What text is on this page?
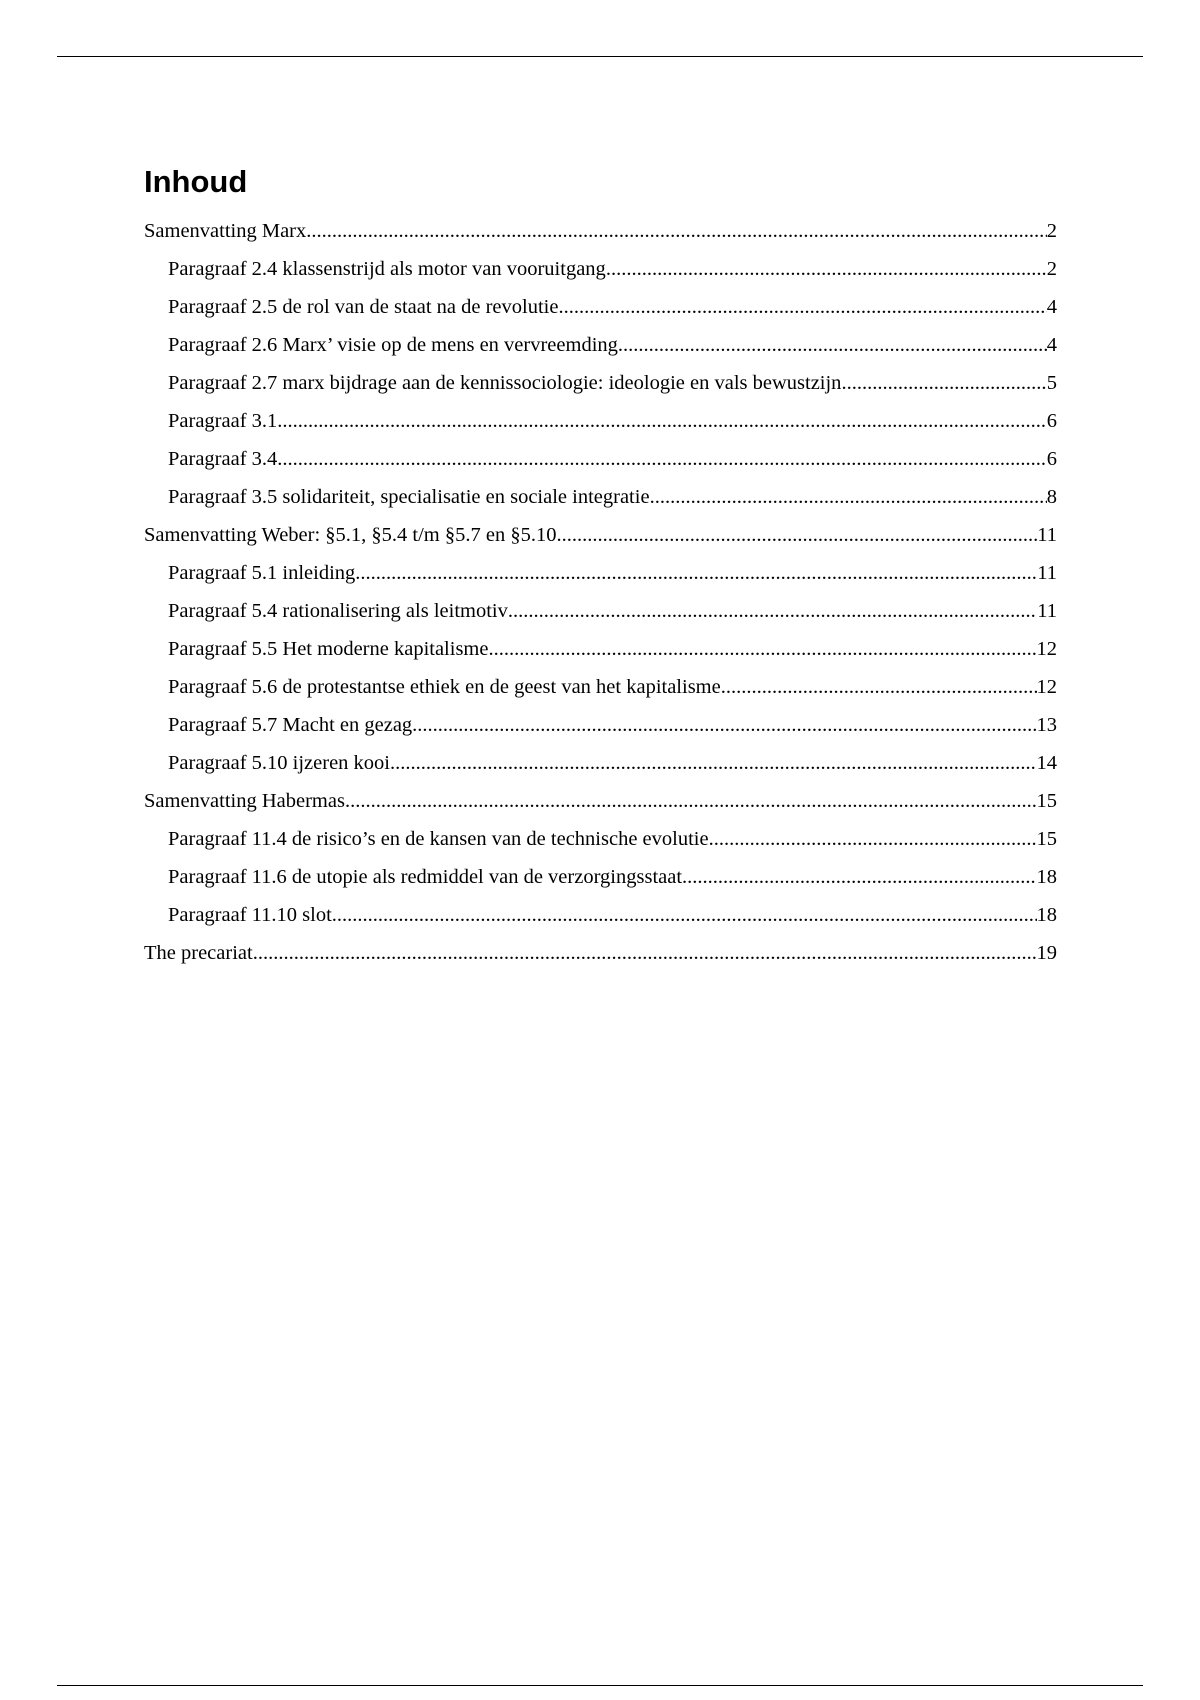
Inhoud
Samenvatting Marx .....	2
Paragraaf 2.4 klassenstrijd als motor van vooruitgang .....	2
Paragraaf 2.5 de rol van de staat na de revolutie .....	4
Paragraaf 2.6 Marx’ visie op de mens en vervreemding .....	4
Paragraaf 2.7 marx bijdrage aan de kennissociologie: ideologie en vals bewustzijn .....	5
Paragraaf 3.1 .....	6
Paragraaf 3.4 .....	6
Paragraaf 3.5 solidariteit, specialisatie en sociale integratie .....	8
Samenvatting Weber: §5.1, §5.4 t/m §5.7 en §5.10 .....	11
Paragraaf 5.1 inleiding .....	11
Paragraaf 5.4 rationalisering als leitmotiv .....	11
Paragraaf 5.5 Het moderne kapitalisme .....	12
Paragraaf 5.6 de protestantse ethiek en de geest van het kapitalisme .....	12
Paragraaf 5.7 Macht en gezag .....	13
Paragraaf 5.10 ijzeren kooi .....	14
Samenvatting Habermas .....	15
Paragraaf 11.4 de risico’s en de kansen van de technische evolutie .....	15
Paragraaf 11.6 de utopie als redmiddel van de verzorgingsstaat .....	18
Paragraaf 11.10 slot .....	18
The precariat .....	19
